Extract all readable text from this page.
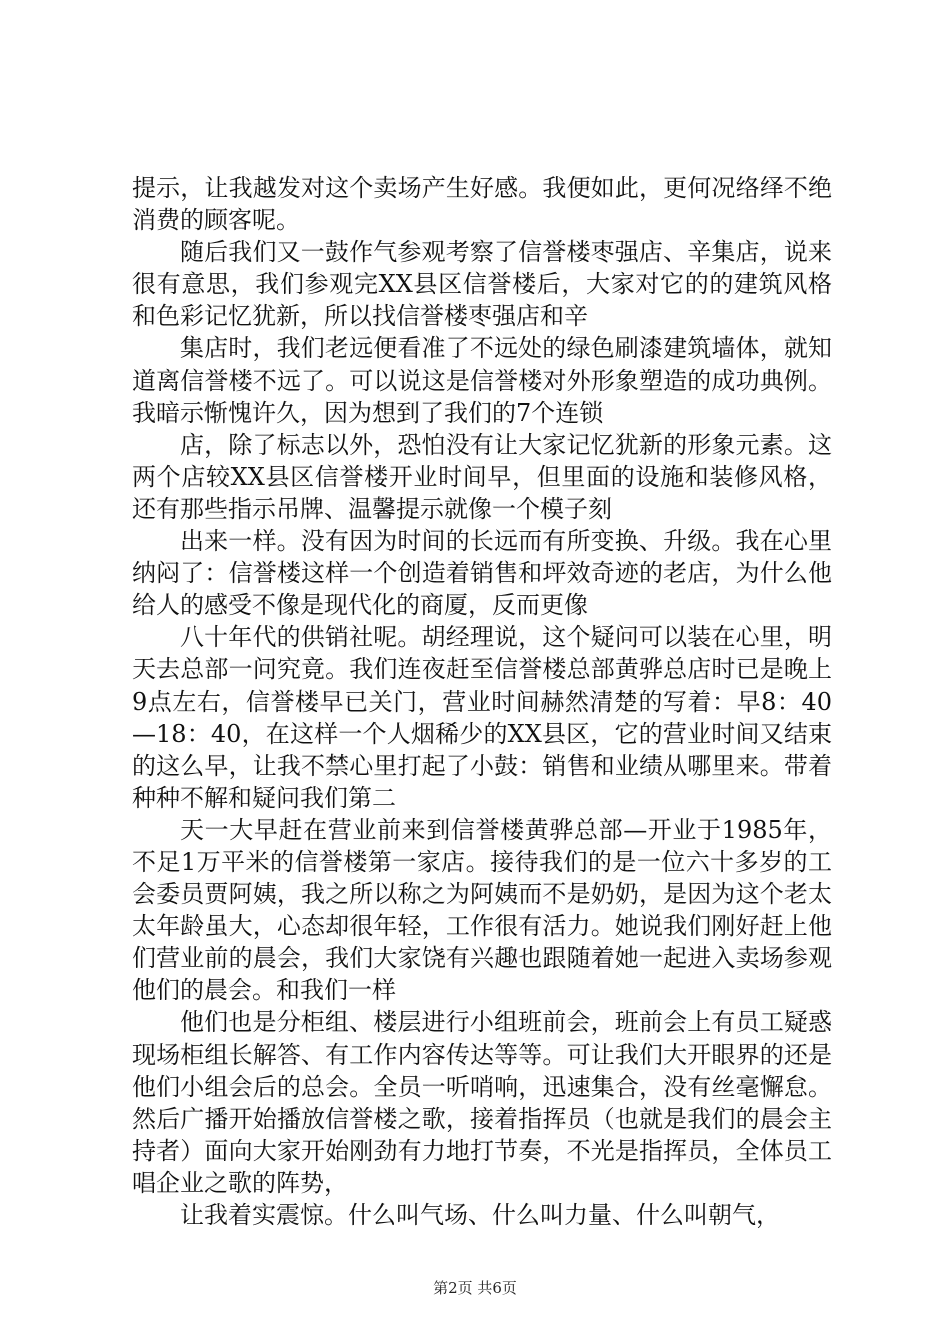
提示，让我越发对这个卖场产生好感。我便如此，更何况络绎不绝消费的顾客呢。

随后我们又一鼓作气参观考察了信誉楼枣强店、辛集店，说来很有意思，我们参观完XX县区信誉楼后，大家对它的的建筑风格和色彩记忆犹新，所以找信誉楼枣强店和辛

集店时，我们老远便看准了不远处的绿色刷漆建筑墙体，就知道离信誉楼不远了。可以说这是信誉楼对外形象塑造的成功典例。我暗示惭愧许久，因为想到了我们的7个连锁

店，除了标志以外，恐怕没有让大家记忆犹新的形象元素。这两个店较XX县区信誉楼开业时间早，但里面的设施和装修风格，还有那些指示吊牌、温馨提示就像一个模子刻

出来一样。没有因为时间的长远而有所变换、升级。我在心里纳闷了：信誉楼这样一个创造着销售和坪效奇迹的老店，为什么他给人的感受不像是现代化的商厦，反而更像

八十年代的供销社呢。胡经理说，这个疑问可以装在心里，明天去总部一问究竟。我们连夜赶至信誉楼总部黄骅总店时已是晚上9点左右，信誉楼早已关门，营业时间赫然清楚的写着：早8：40—18：40，在这样一个人烟稀少的XX县区，它的营业时间又结束的这么早，让我不禁心里打起了小鼓：销售和业绩从哪里来。带着种种不解和疑问我们第二

天一大早赶在营业前来到信誉楼黄骅总部—开业于1985年，不足1万平米的信誉楼第一家店。接待我们的是一位六十多岁的工会委员贾阿姨，我之所以称之为阿姨而不是奶奶，是因为这个老太太年龄虽大，心态却很年轻，工作很有活力。她说我们刚好赶上他们营业前的晨会，我们大家饶有兴趣也跟随着她一起进入卖场参观他们的晨会。和我们一样

他们也是分柜组、楼层进行小组班前会，班前会上有员工疑惑现场柜组长解答、有工作内容传达等等。可让我们大开眼界的还是他们小组会后的总会。全员一听哨响，迅速集合，没有丝毫懈怠。然后广播开始播放信誉楼之歌，接着指挥员（也就是我们的晨会主持者）面向大家开始刚劲有力地打节奏，不光是指挥员，全体员工唱企业之歌的阵势，

让我着实震惊。什么叫气场、什么叫力量、什么叫朝气，

第2页 共6页
